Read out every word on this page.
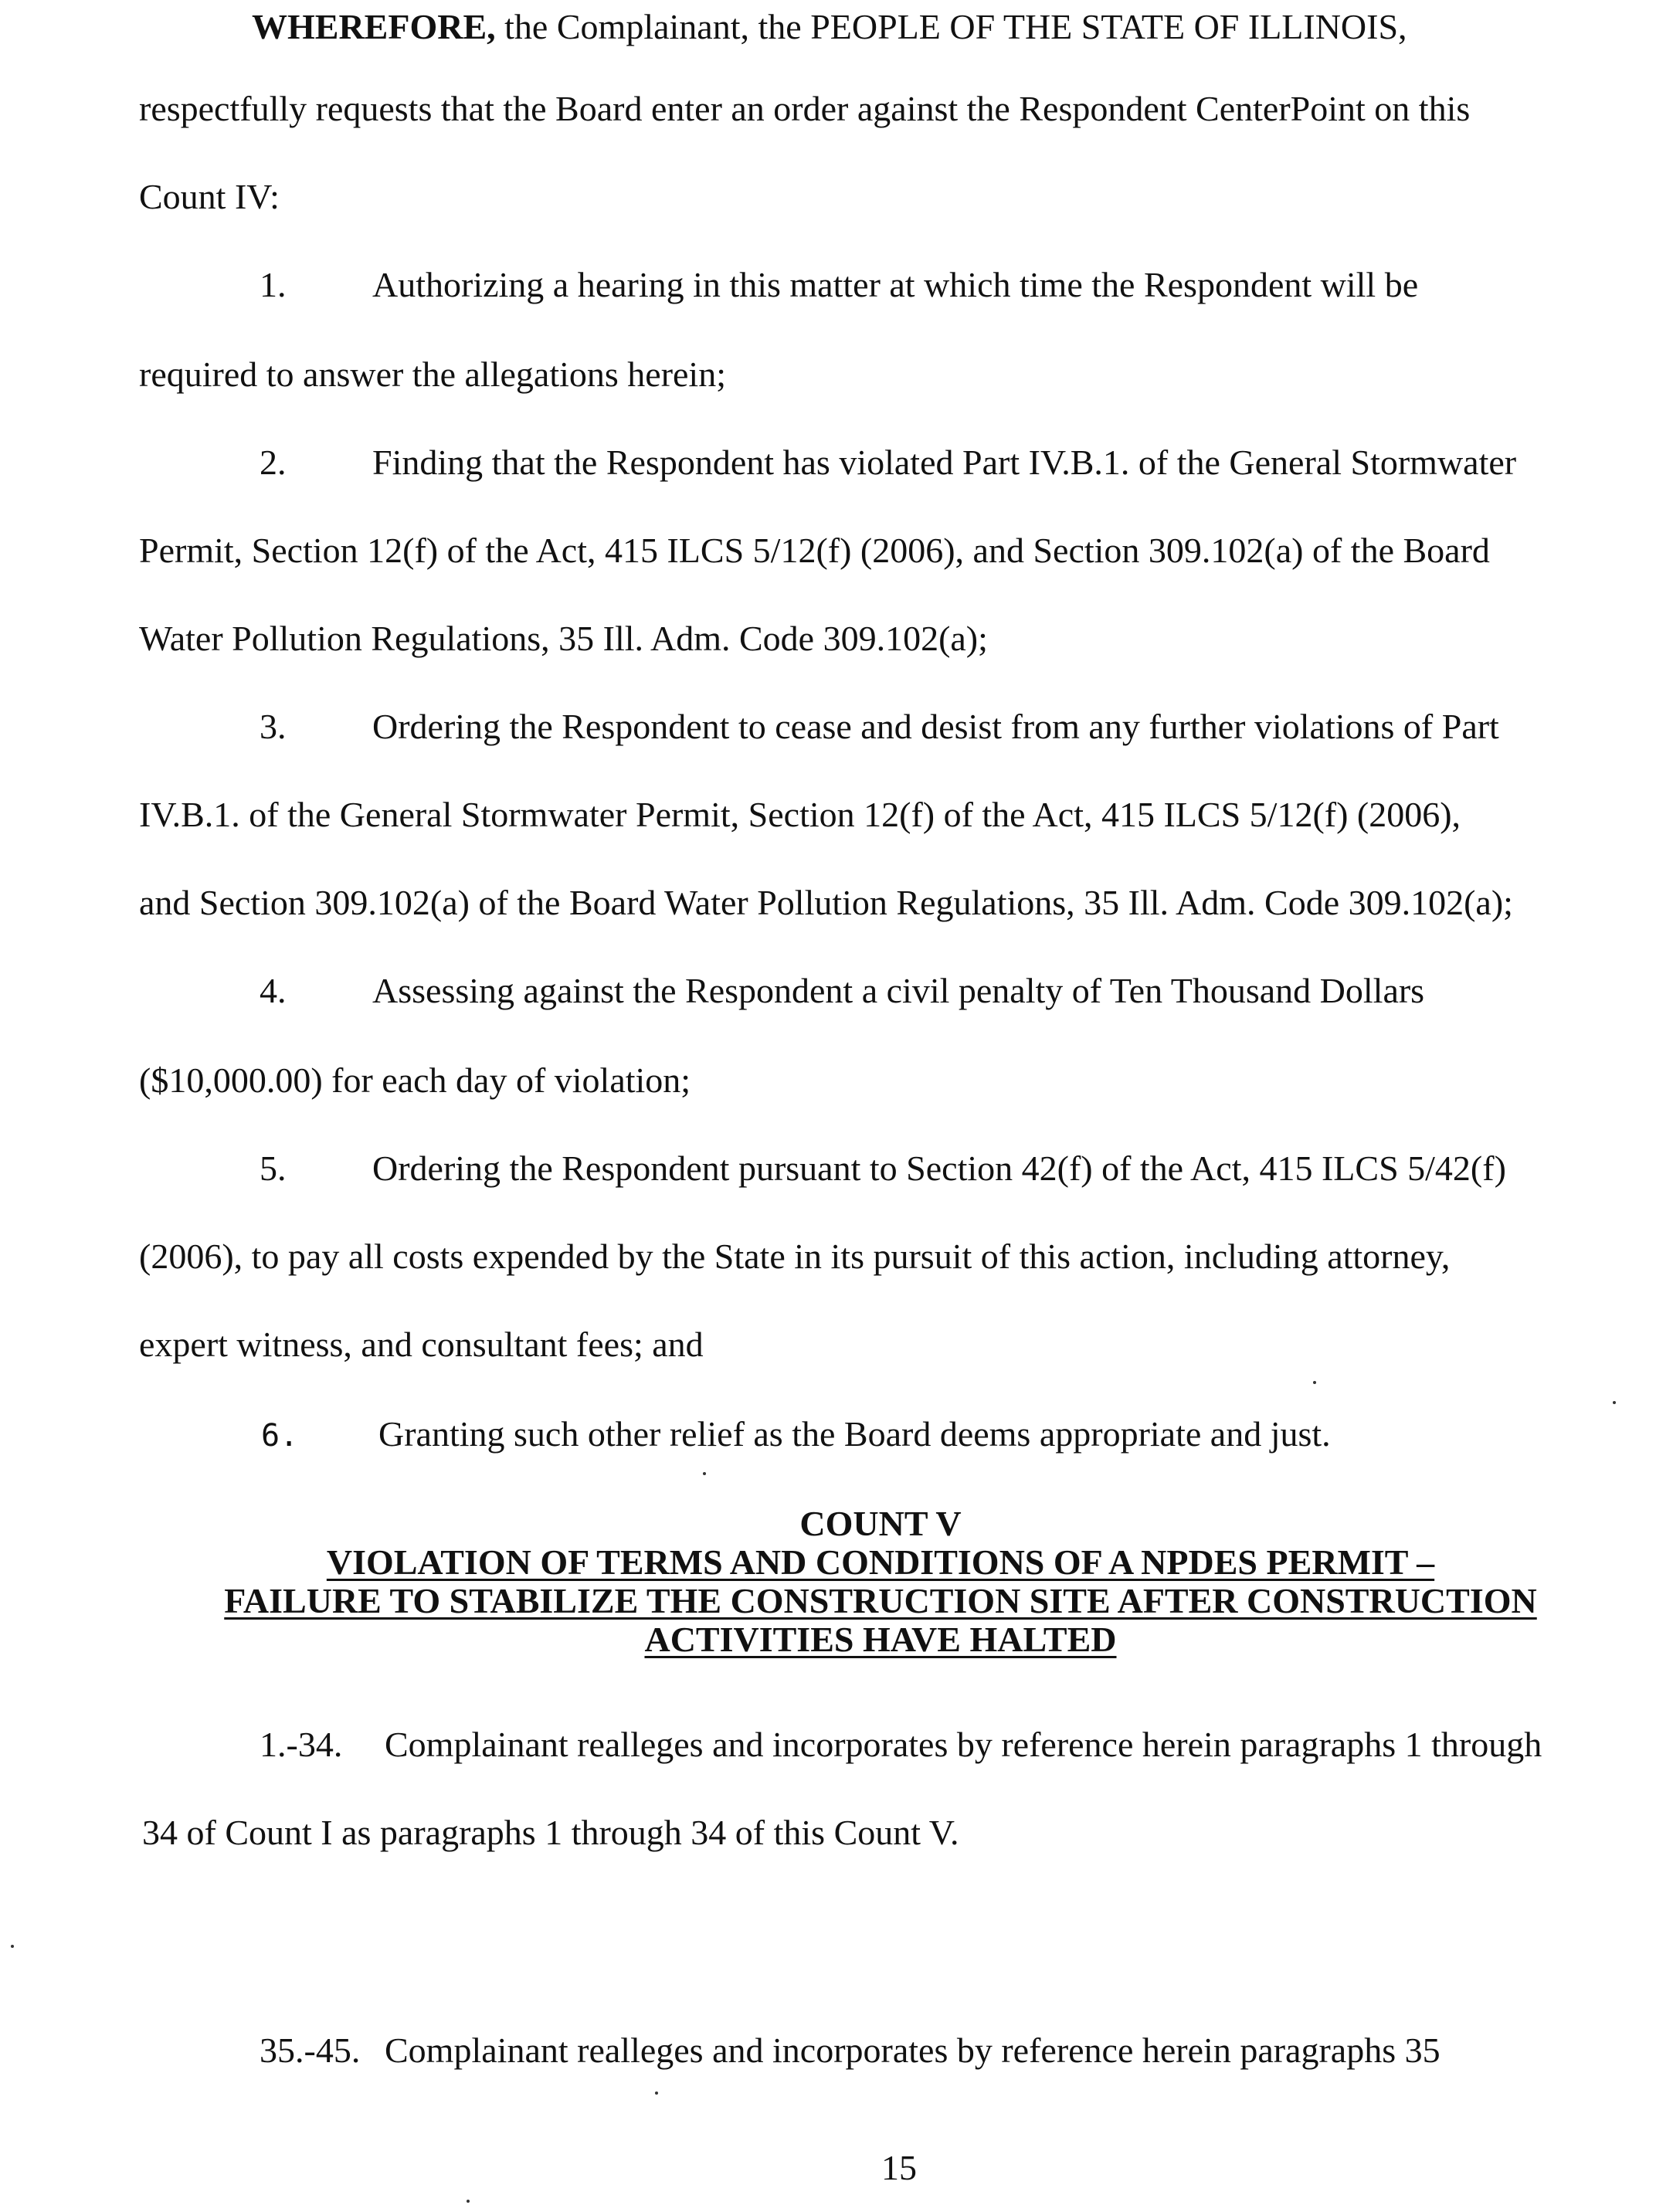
WHEREFORE, the Complainant, the PEOPLE OF THE STATE OF ILLINOIS,
respectfully requests that the Board enter an order against the Respondent CenterPoint on this
Count IV:
1. Authorizing a hearing in this matter at which time the Respondent will be
required to answer the allegations herein;
2. Finding that the Respondent has violated Part IV.B.1. of the General Stormwater
Permit, Section 12(f) of the Act, 415 ILCS 5/12(f) (2006), and Section 309.102(a) of the Board
Water Pollution Regulations, 35 Ill. Adm. Code 309.102(a);
3. Ordering the Respondent to cease and desist from any further violations of Part
IV.B.1. of the General Stormwater Permit, Section 12(f) of the Act, 415 ILCS 5/12(f) (2006),
and Section 309.102(a) of the Board Water Pollution Regulations, 35 Ill. Adm. Code 309.102(a);
4. Assessing against the Respondent a civil penalty of Ten Thousand Dollars
($10,000.00) for each day of violation;
5. Ordering the Respondent pursuant to Section 42(f) of the Act, 415 ILCS 5/42(f)
(2006), to pay all costs expended by the State in its pursuit of this action, including attorney,
expert witness, and consultant fees; and
6. Granting such other relief as the Board deems appropriate and just.
COUNT V
VIOLATION OF TERMS AND CONDITIONS OF A NPDES PERMIT –
FAILURE TO STABILIZE THE CONSTRUCTION SITE AFTER CONSTRUCTION
ACTIVITIES HAVE HALTED
1.-34. Complainant realleges and incorporates by reference herein paragraphs 1 through
34 of Count I as paragraphs 1 through 34 of this Count V.
35.-45. Complainant realleges and incorporates by reference herein paragraphs 35
15
